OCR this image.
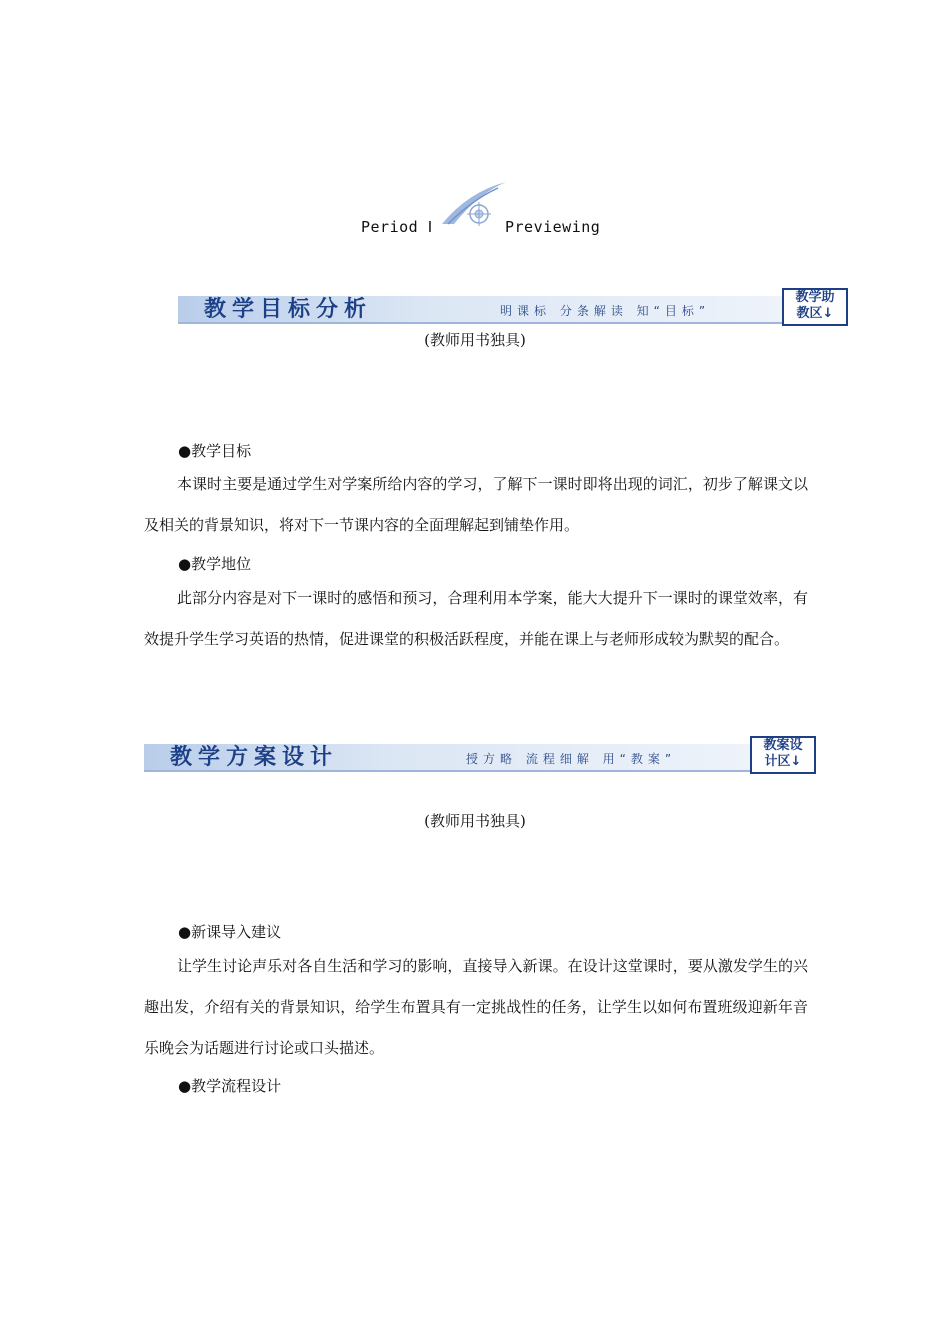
Period Ⅰ	Previewing
教学目标分析	明课标 分条解读 知“目标”
教学助
教区↓
(教师用书独具)
●教学目标
本课时主要是通过学生对学案所给内容的学习，了解下一课时即将出现的词汇，初步了解课文以及相关的背景知识，将对下一节课内容的全面理解起到铺垫作用。
●教学地位
此部分内容是对下一课时的感悟和预习，合理利用本学案，能大大提升下一课时的课堂效率，有效提升学生学习英语的热情，促进课堂的积极活跃程度，并能在课上与老师形成较为默契的配合。
教学方案设计	授方略 流程细解 用“教案”
教案设
计区↓
(教师用书独具)
●新课导入建议
让学生讨论声乐对各自生活和学习的影响，直接导入新课。在设计这堂课时，要从激发学生的兴趣出发，介绍有关的背景知识，给学生布置具有一定挑战性的任务，让学生以如何布置班级迎新年音乐晚会为话题进行讨论或口头描述。
●教学流程设计
